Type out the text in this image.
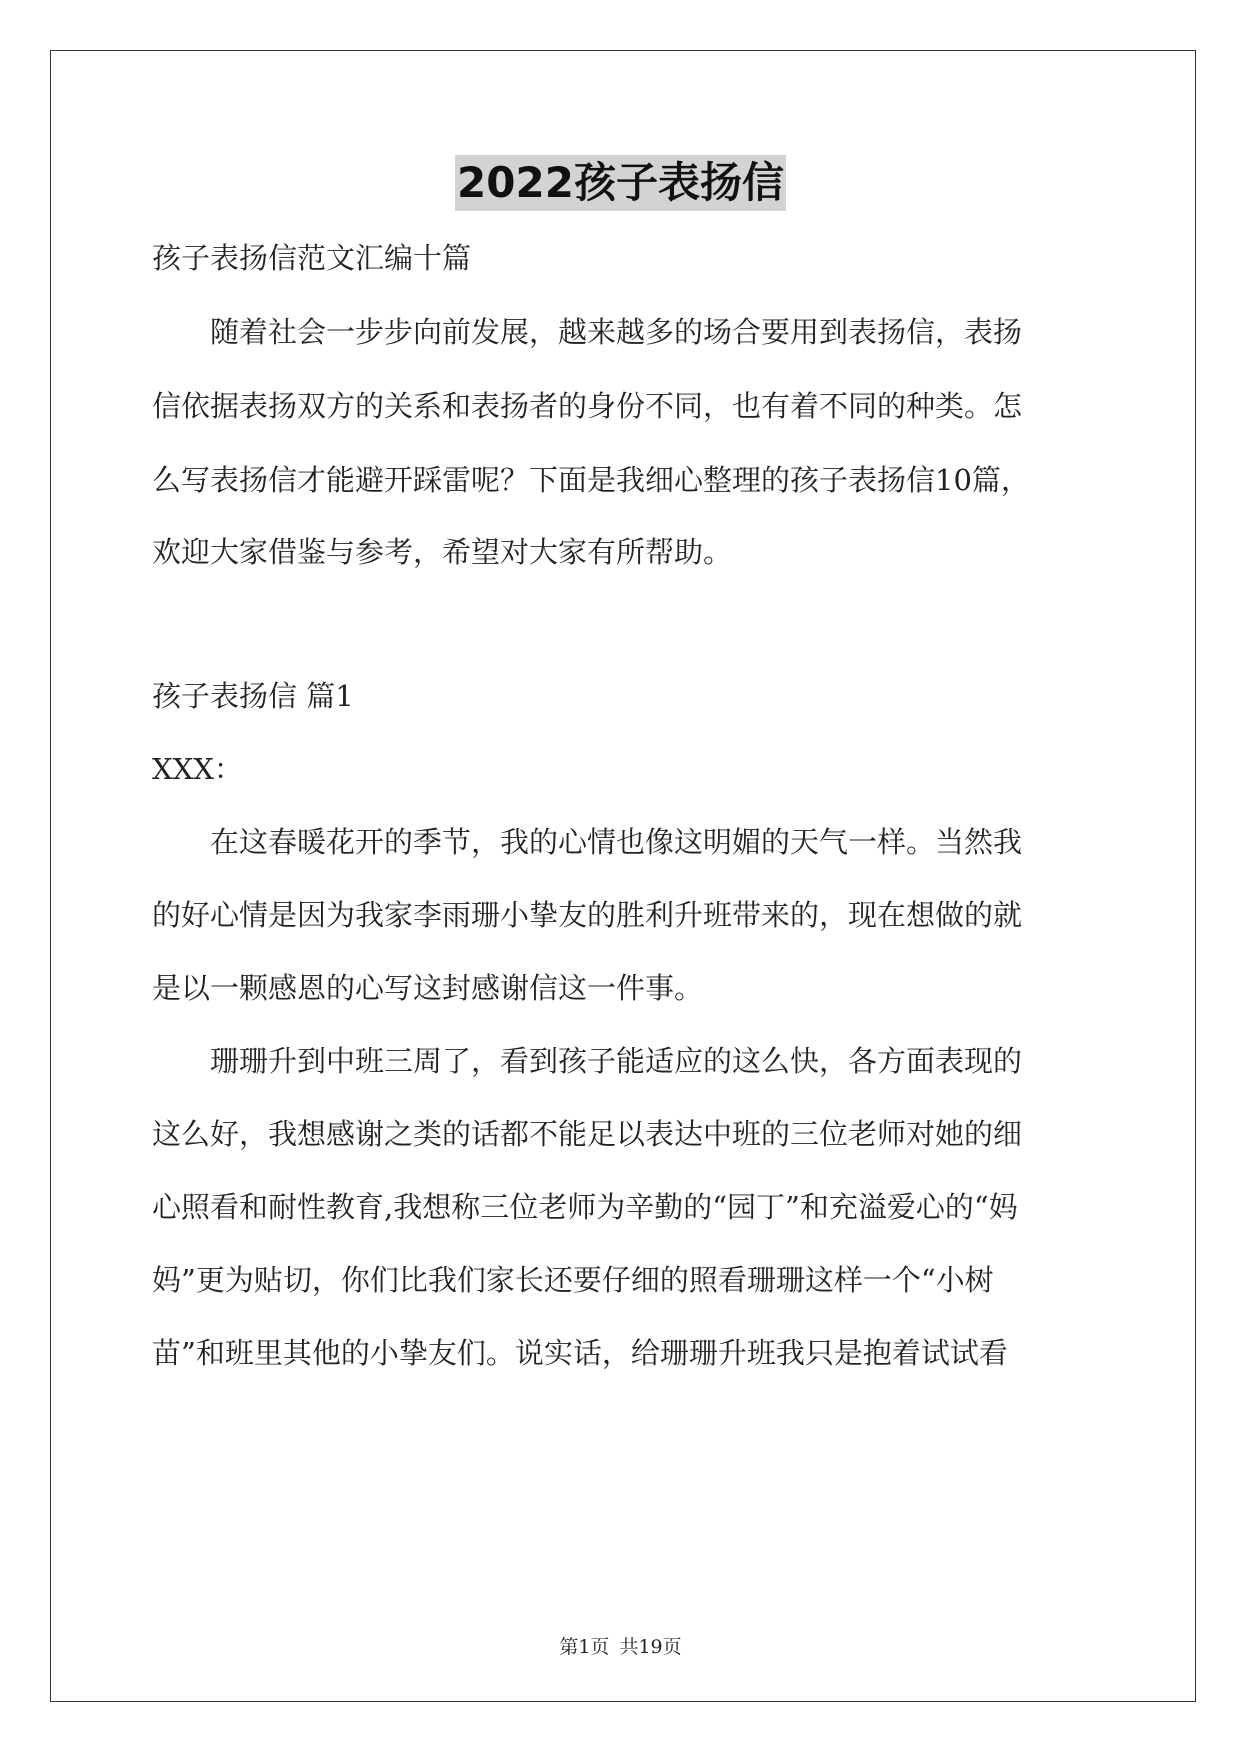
2022孩子表扬信
孩子表扬信范文汇编十篇
随着社会一步步向前发展，越来越多的场合要用到表扬信，表扬
信依据表扬双方的关系和表扬者的身份不同，也有着不同的种类。怎
么写表扬信才能避开踩雷呢？下面是我细心整理的孩子表扬信10篇，
欢迎大家借鉴与参考，希望对大家有所帮助。
孩子表扬信 篇1
XXX：
在这春暖花开的季节，我的心情也像这明媚的天气一样。当然我
的好心情是因为我家李雨珊小挚友的胜利升班带来的，现在想做的就
是以一颗感恩的心写这封感谢信这一件事。
珊珊升到中班三周了，看到孩子能适应的这么快，各方面表现的
这么好，我想感谢之类的话都不能足以表达中班的三位老师对她的细
心照看和耐性教育,我想称三位老师为辛勤的“园丁”和充溢爱心的“妈
妈”更为贴切，你们比我们家长还要仔细的照看珊珊这样一个“小树
苗”和班里其他的小挚友们。说实话，给珊珊升班我只是抱着试试看
第1页 共19页
